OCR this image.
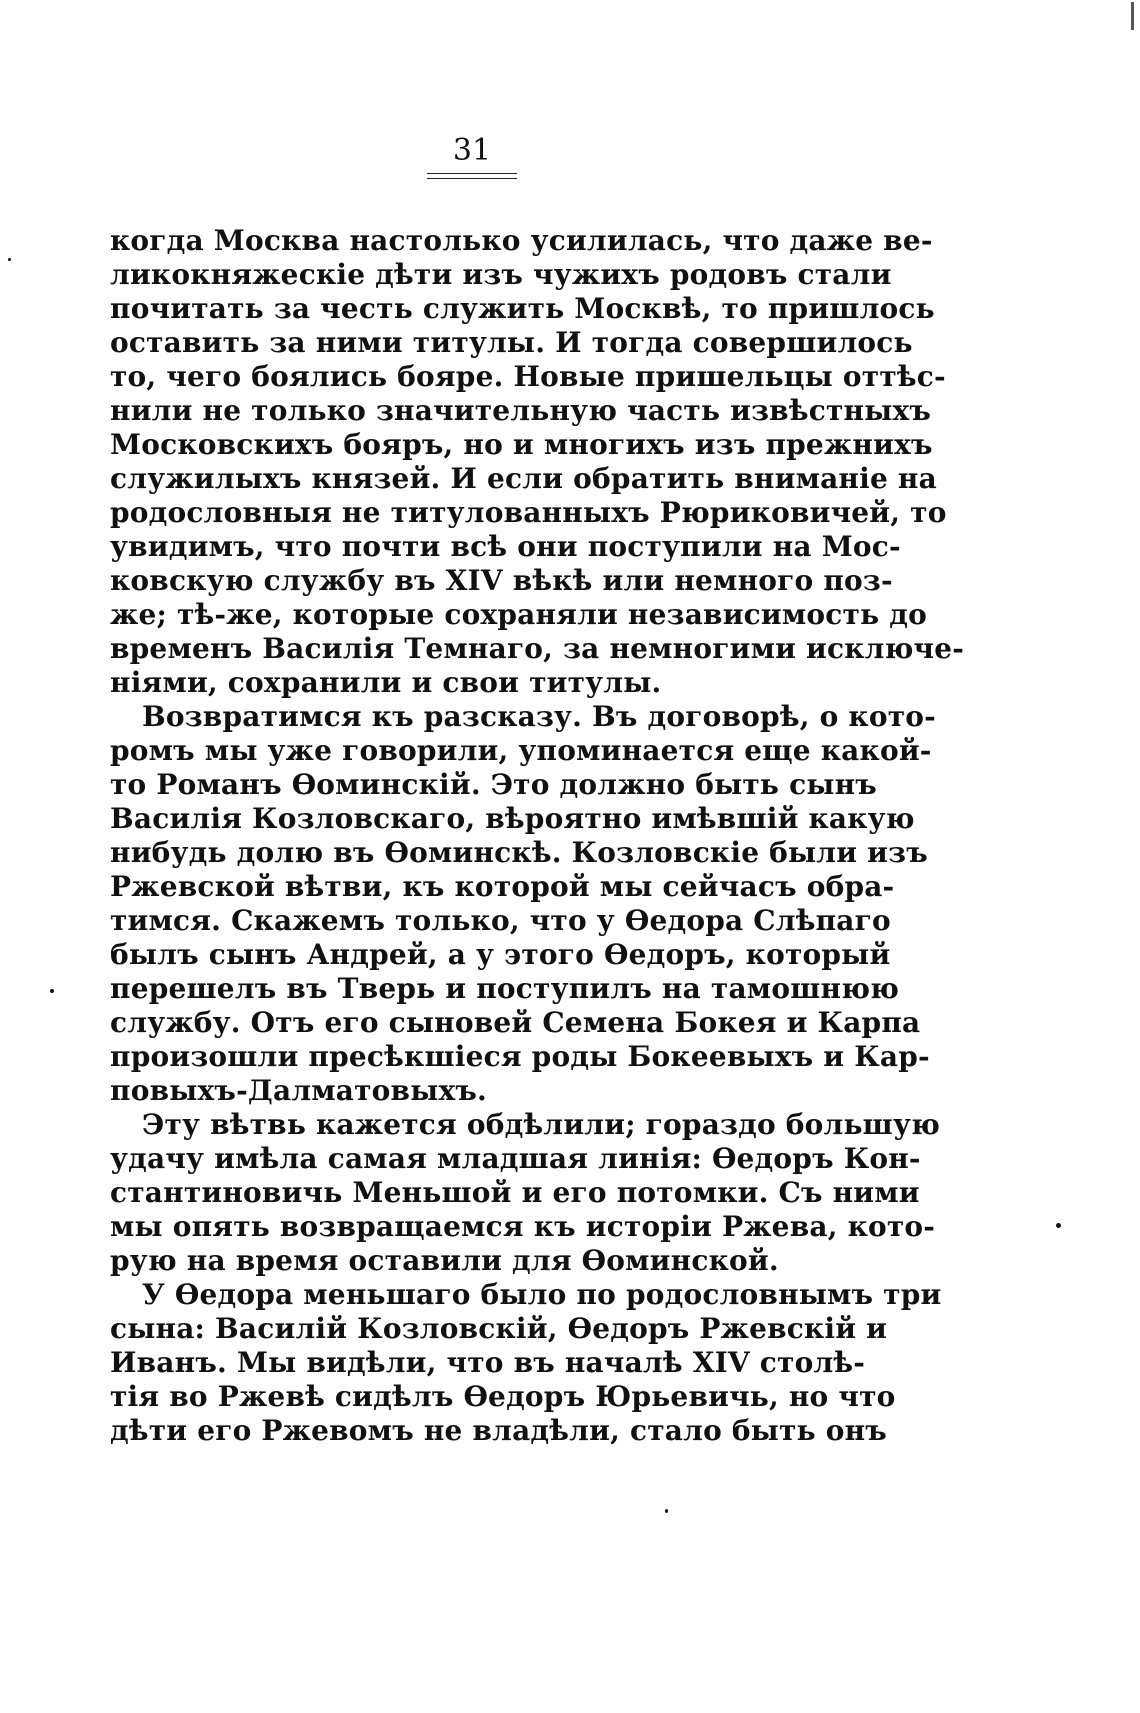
31
когда Москва настолько усилилась, что даже ве-
ликокняжескіе дѣти изъ чужихъ родовъ стали
почитать за честь служить Москвѣ, то пришлось
оставить за ними титулы. И тогда совершилось
то, чего боялись бояре. Новые пришельцы оттѣс-
нили не только значительную часть извѣстныхъ
Московскихъ бояръ, но и многихъ изъ прежнихъ
служилыхъ князей. И если обратить вниманіе на
родословныя не титулованныхъ Рюриковичей, то
увидимъ, что почти всѣ они поступили на Мос-
ковскую службу въ XIV вѣкѣ или немного поз-
же; тѣ-же, которые сохраняли независимость до
временъ Василія Темнаго, за немногими исключе-
ніями, сохранили и свои титулы.
Возвратимся къ разсказу. Въ договорѣ, о кото-
ромъ мы уже говорили, упоминается еще какой-
то Романъ Ѳоминскій. Это должно быть сынъ
Василія Козловскаго, вѣроятно имѣвшій какую
нибудь долю въ Ѳоминскѣ. Козловскіе были изъ
Ржевской вѣтви, къ которой мы сейчасъ обра-
тимся. Скажемъ только, что у Ѳедора Слѣпаго
былъ сынъ Андрей, а у этого Ѳедоръ, который
перешелъ въ Тверь и поступилъ на тамошнюю
службу. Отъ его сыновей Семена Бокея и Карпа
произошли пресѣкшіеся роды Бокеевыхъ и Кар-
повыхъ-Далматовыхъ.
Эту вѣтвь кажется обдѣлили; гораздо большую
удачу имѣла самая младшая линія: Ѳедоръ Кон-
стантиновичь Меньшой и его потомки. Съ ними
мы опять возвращаемся къ исторіи Ржева, кото-
рую на время оставили для Ѳоминской.
У Ѳедора меньшаго было по родословнымъ три
сына: Василій Козловскій, Ѳедоръ Ржевскій и
Иванъ. Мы видѣли, что въ началѣ XIV столѣ-
тія во Ржевѣ сидѣлъ Ѳедоръ Юрьевичь, но что
дѣти его Ржевомъ не владѣли, стало быть онъ
